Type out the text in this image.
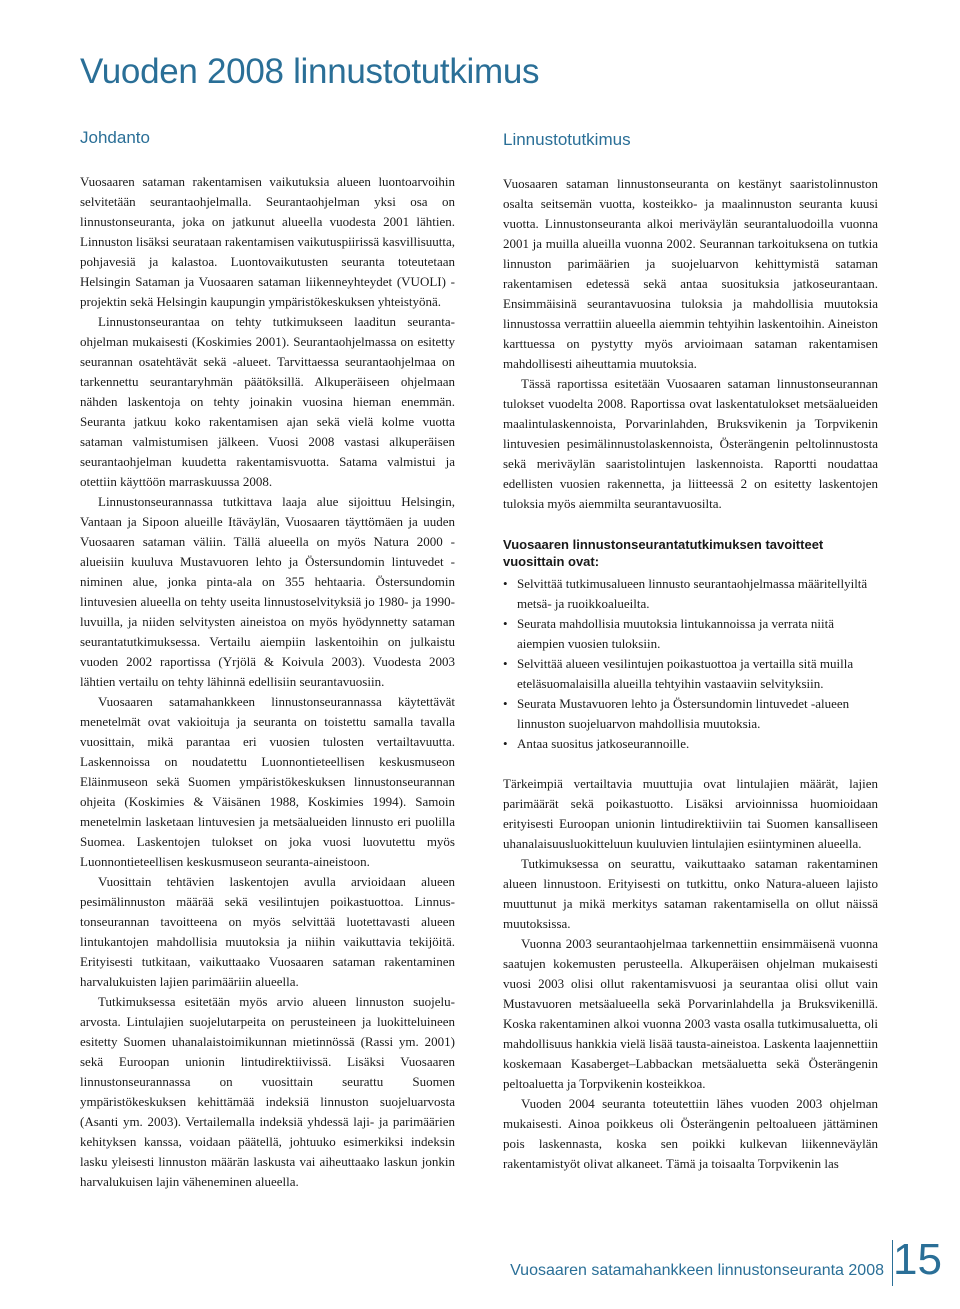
Vuoden 2008 linnustotutkimus
Johdanto

Vuosaaren sataman rakentamisen vaikutuksia alueen luontoarvoihin selvitetään seurantaohjelmalla. Seurantaohjelman yksi osa on linnustonseuranta, joka on jatkunut alueella vuodesta 2001 lähtien. Linnuston lisäksi seurataan rakentamisen vaikutuspiirissä kasvillisuutta, pohjavesiä ja kalastoa. Luontovaikutusten seuranta toteutetaan Helsingin Sataman ja Vuosaaren sataman liikenneyhteydet (VUOLI) -projektin sekä Helsingin kaupungin ympäristökeskuksen yhteistyönä.

Linnustonseurantaa on tehty tutkimukseen laaditun seurantaohjelman mukaisesti (Koskimies 2001). Seurantaohjelmassa on esitetty seurannan osatehtävät sekä -alueet. Tarvittaessa seurantaohjelmaa on tarkennettu seurantaryhmän päätöksillä. Alkuperäiseen ohjelmaan nähden laskentoja on tehty joinakin vuosina hieman enemmän. Seuranta jatkuu koko rakentamisen ajan sekä vielä kolme vuotta sataman valmistumisen jälkeen. Vuosi 2008 vastasi alkuperäisen seurantaohjelman kuudetta rakentamisvuotta. Satama valmistui ja otettiin käyttöön marraskuussa 2008.

Linnustonseurannassa tutkittava laaja alue sijoittuu Helsingin, Vantaan ja Sipoon alueille Itäväylän, Vuosaaren täyttömäen ja uuden Vuosaaren sataman väliin. Tällä alueella on myös Natura 2000 -alueisiin kuuluva Mustavuoren lehto ja Östersundomin lintuvedet -niminen alue, jonka pinta-ala on 355 hehtaaria. Östersundomin lintuvesien alueella on tehty useita linnustoselvityksiä jo 1980- ja 1990-luvuilla, ja niiden selvitysten aineistoa on myös hyödynnetty sataman seurantatutkimuksessa. Vertailu aiempiin laskentoihin on julkaistu vuoden 2002 raportissa (Yrjölä & Koivula 2003). Vuodesta 2003 lähtien vertailu on tehty lähinnä edellisiin seurantavuosiin.

Vuosaaren satamahankkeen linnustonseurannassa käytettävät menetelmät ovat vakioituja ja seuranta on toistettu samalla tavalla vuosittain, mikä parantaa eri vuosien tulosten vertailtavuutta. Laskennoissa on noudatettu Luonnontieteellisen keskusmuseon Eläinmuseon sekä Suomen ympäristökeskuksen linnustonseurannan ohjeita (Koskimies & Väisänen 1988, Koskimies 1994). Samoin menetelmin lasketaan lintuvesien ja metsäalueiden linnusto eri puolilla Suomea. Laskentojen tulokset on joka vuosi luovutettu myös Luonnontieteellisen keskusmuseon seuranta-aineistoon.

Vuosittain tehtävien laskentojen avulla arvioidaan alueen pesimälinnuston määrää sekä vesilintujen poikastuottoa. Linnustonseurannan tavoitteena on myös selvittää luotettavasti alueen lintukantojen mahdollisia muutoksia ja niihin vaikuttavia tekijöitä. Erityisesti tutkitaan, vaikuttaako Vuosaaren sataman rakentaminen harvalukuisten lajien parimääriin alueella.

Tutkimuksessa esitetään myös arvio alueen linnuston suojeluarvosta. Lintulajien suojelutarpeita on perusteineen ja luokitteluineen esitetty Suomen uhanalaistoimikunnan mietinnössä (Rassi ym. 2001) sekä Euroopan unionin lintudirektiivissä. Lisäksi Vuosaaren linnustonseurannassa on vuosittain seurattu Suomen ympäristökeskuksen kehittämää indeksiä linnuston suojeluarvosta (Asanti ym. 2003). Vertailemalla indeksiä yhdessä laji- ja parimäärien kehityksen kanssa, voidaan päätellä, johtuuko esimerkiksi indeksin lasku yleisesti linnuston määrän laskusta vai aiheuttaako laskun jonkin harvalukuisen lajin väheneminen alueella.

Linnustotutkimus

Vuosaaren sataman linnustonseuranta on kestänyt saaristolinnuston osalta seitsemän vuotta, kosteikko- ja maalinnuston seuranta kuusi vuotta. Linnustonseuranta alkoi meriväylän seurantaluodoilla vuonna 2001 ja muilla alueilla vuonna 2002. Seurannan tarkoituksena on tutkia linnuston parimäärien ja suojeluarvon kehittymistä sataman rakentamisen edetessä sekä antaa suosituksia jatkoseurantaan. Ensimmäisinä seurantavuosina tuloksia ja mahdollisia muutoksia linnustossa verrattiin alueella aiemmin tehtyihin laskentoihin. Aineiston karttuessa on pystytty myös arvioimaan sataman rakentamisen mahdollisesti aiheuttamia muutoksia.

Tässä raportissa esitetään Vuosaaren sataman linnustonseurannan tulokset vuodelta 2008. Raportissa ovat laskentatulokset metsäalueiden maalintulaskennoista, Porvarinlahden, Bruksvikenin ja Torpvikenin lintuvesien pesimälinnustolaskennoista, Österängenin peltolinnustosta sekä meriväylän saaristolintujen laskennoista. Raportti noudattaa edellisten vuosien rakennetta, ja liitteessä 2 on esitetty laskentojen tuloksia myös aiemmilta seurantavuosilta.

Vuosaaren linnustonseurantatutkimuksen tavoitteet vuosittain ovat:
• Selvittää tutkimusalueen linnusto seurantaohjelmassa määritellyiltä metsä- ja ruoikkoalueilta.
• Seurata mahdollisia muutoksia lintukannoissa ja verrata niitä aiempien vuosien tuloksiin.
• Selvittää alueen vesilintujen poikastuottoa ja vertailla sitä muilla eteläsuomalaisilla alueilla tehtyihin vastaaviin selvityksiin.
• Seurata Mustavuoren lehto ja Östersundomin lintuvedet -alueen linnuston suojeluarvon mahdollisia muutoksia.
• Antaa suositus jatkoseurannoille.

Tärkeimpiä vertailtavia muuttujia ovat lintulajien määrät, lajien parimäärät sekä poikastuotto. Lisäksi arvioinnissa huomioidaan erityisesti Euroopan unionin lintudirektiiviin tai Suomen kansalliseen uhanalaisuusluokitteluun kuuluvien lintulajien esiintyminen alueella.

Tutkimuksessa on seurattu, vaikuttaako sataman rakentaminen alueen linnustoon. Erityisesti on tutkittu, onko Natura-alueen lajisto muuttunut ja mikä merkitys sataman rakentamisella on ollut näissä muutoksissa.

Vuonna 2003 seurantaohjelmaa tarkennettiin ensimmäisenä vuonna saatujen kokemusten perusteella. Alkuperäisen ohjelman mukaisesti vuosi 2003 olisi ollut rakentamisvuosi ja seurantaa olisi ollut vain Mustavuoren metsäalueella sekä Porvarinlahdella ja Bruksvikenillä. Koska rakentaminen alkoi vuonna 2003 vasta osalla tutkimusaluetta, oli mahdollisuus hankkia vielä lisää tausta-aineistoa. Laskenta laajennettiin koskemaan Kasaberget–Labbackan metsäaluetta sekä Österängenin peltoaluetta ja Torpvikenin kosteikkoa.

Vuoden 2004 seuranta toteutettiin lähes vuoden 2003 ohjelman mukaisesti. Ainoa poikkeus oli Österängenin peltoalueen jättäminen pois laskennasta, koska sen poikki kulkevan liikenneväylän rakentamistyöt olivat alkaneet. Tämä ja toisaalta Torpvikenin las

Vuosaaren satamahankkeen linnustonseuranta 2008 15
